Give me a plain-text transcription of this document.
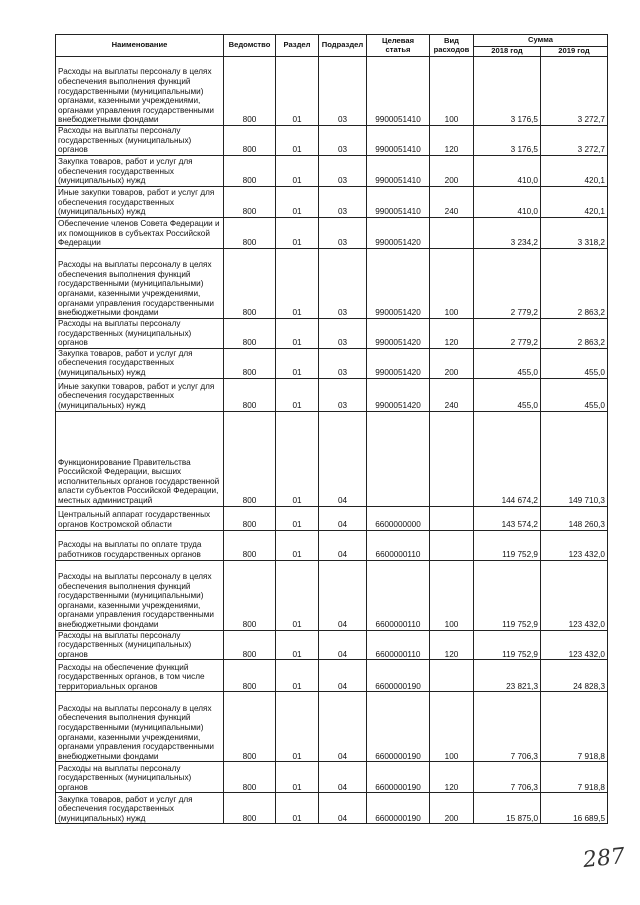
Наименование	Ведомство	Раздел	Подраздел	Целевая статья	Вид расходов	Сумма	
						2018 год	2019 год
Расходы на выплаты персоналу в целях обеспечения выполнения функций государственными (муниципальными) органами, казенными учреждениями, органами управления государственными внебюджетными фондами	800	01	03	9900051410	100	3 176,5	3 272,7
Расходы на выплаты персоналу государственных (муниципальных) органов	800	01	03	9900051410	120	3 176,5	3 272,7
Закупка товаров, работ и услуг для обеспечения государственных (муниципальных) нужд	800	01	03	9900051410	200	410,0	420,1
Иные закупки товаров, работ и услуг для обеспечения государственных (муниципальных) нужд	800	01	03	9900051410	240	410,0	420,1
Обеспечение членов Совета Федерации и их помощников в субъектах Российской Федерации	800	01	03	9900051420		3 234,2	3 318,2
Расходы на выплаты персоналу в целях обеспечения выполнения функций государственными (муниципальными) органами, казенными учреждениями, органами управления государственными внебюджетными фондами	800	01	03	9900051420	100	2 779,2	2 863,2
Расходы на выплаты персоналу государственных (муниципальных) органов	800	01	03	9900051420	120	2 779,2	2 863,2
Закупка товаров, работ и услуг для обеспечения государственных (муниципальных) нужд	800	01	03	9900051420	200	455,0	455,0
Иные закупки товаров, работ и услуг для обеспечения государственных (муниципальных) нужд	800	01	03	9900051420	240	455,0	455,0
Функционирование Правительства Российской Федерации, высших исполнительных органов государственной власти субъектов Российской Федерации, местных администраций	800	01	04			144 674,2	149 710,3
Центральный аппарат государственных органов Костромской области	800	01	04	6600000000		143 574,2	148 260,3
Расходы на выплаты по оплате труда работников государственных органов	800	01	04	6600000110		119 752,9	123 432,0
Расходы на выплаты персоналу в целях обеспечения выполнения функций государственными (муниципальными) органами, казенными учреждениями, органами управления государственными внебюджетными фондами	800	01	04	6600000110	100	119 752,9	123 432,0
Расходы на выплаты персоналу государственных (муниципальных) органов	800	01	04	6600000110	120	119 752,9	123 432,0
Расходы на обеспечение функций государственных органов, в том числе территориальных органов	800	01	04	6600000190		23 821,3	24 828,3
Расходы на выплаты персоналу в целях обеспечения выполнения функций государственными (муниципальными) органами, казенными учреждениями, органами управления государственными внебюджетными фондами	800	01	04	6600000190	100	7 706,3	7 918,8
Расходы на выплаты персоналу государственных (муниципальных) органов	800	01	04	6600000190	120	7 706,3	7 918,8
Закупка товаров, работ и услуг для обеспечения государственных (муниципальных) нужд	800	01	04	6600000190	200	15 875,0	16 689,5
287
